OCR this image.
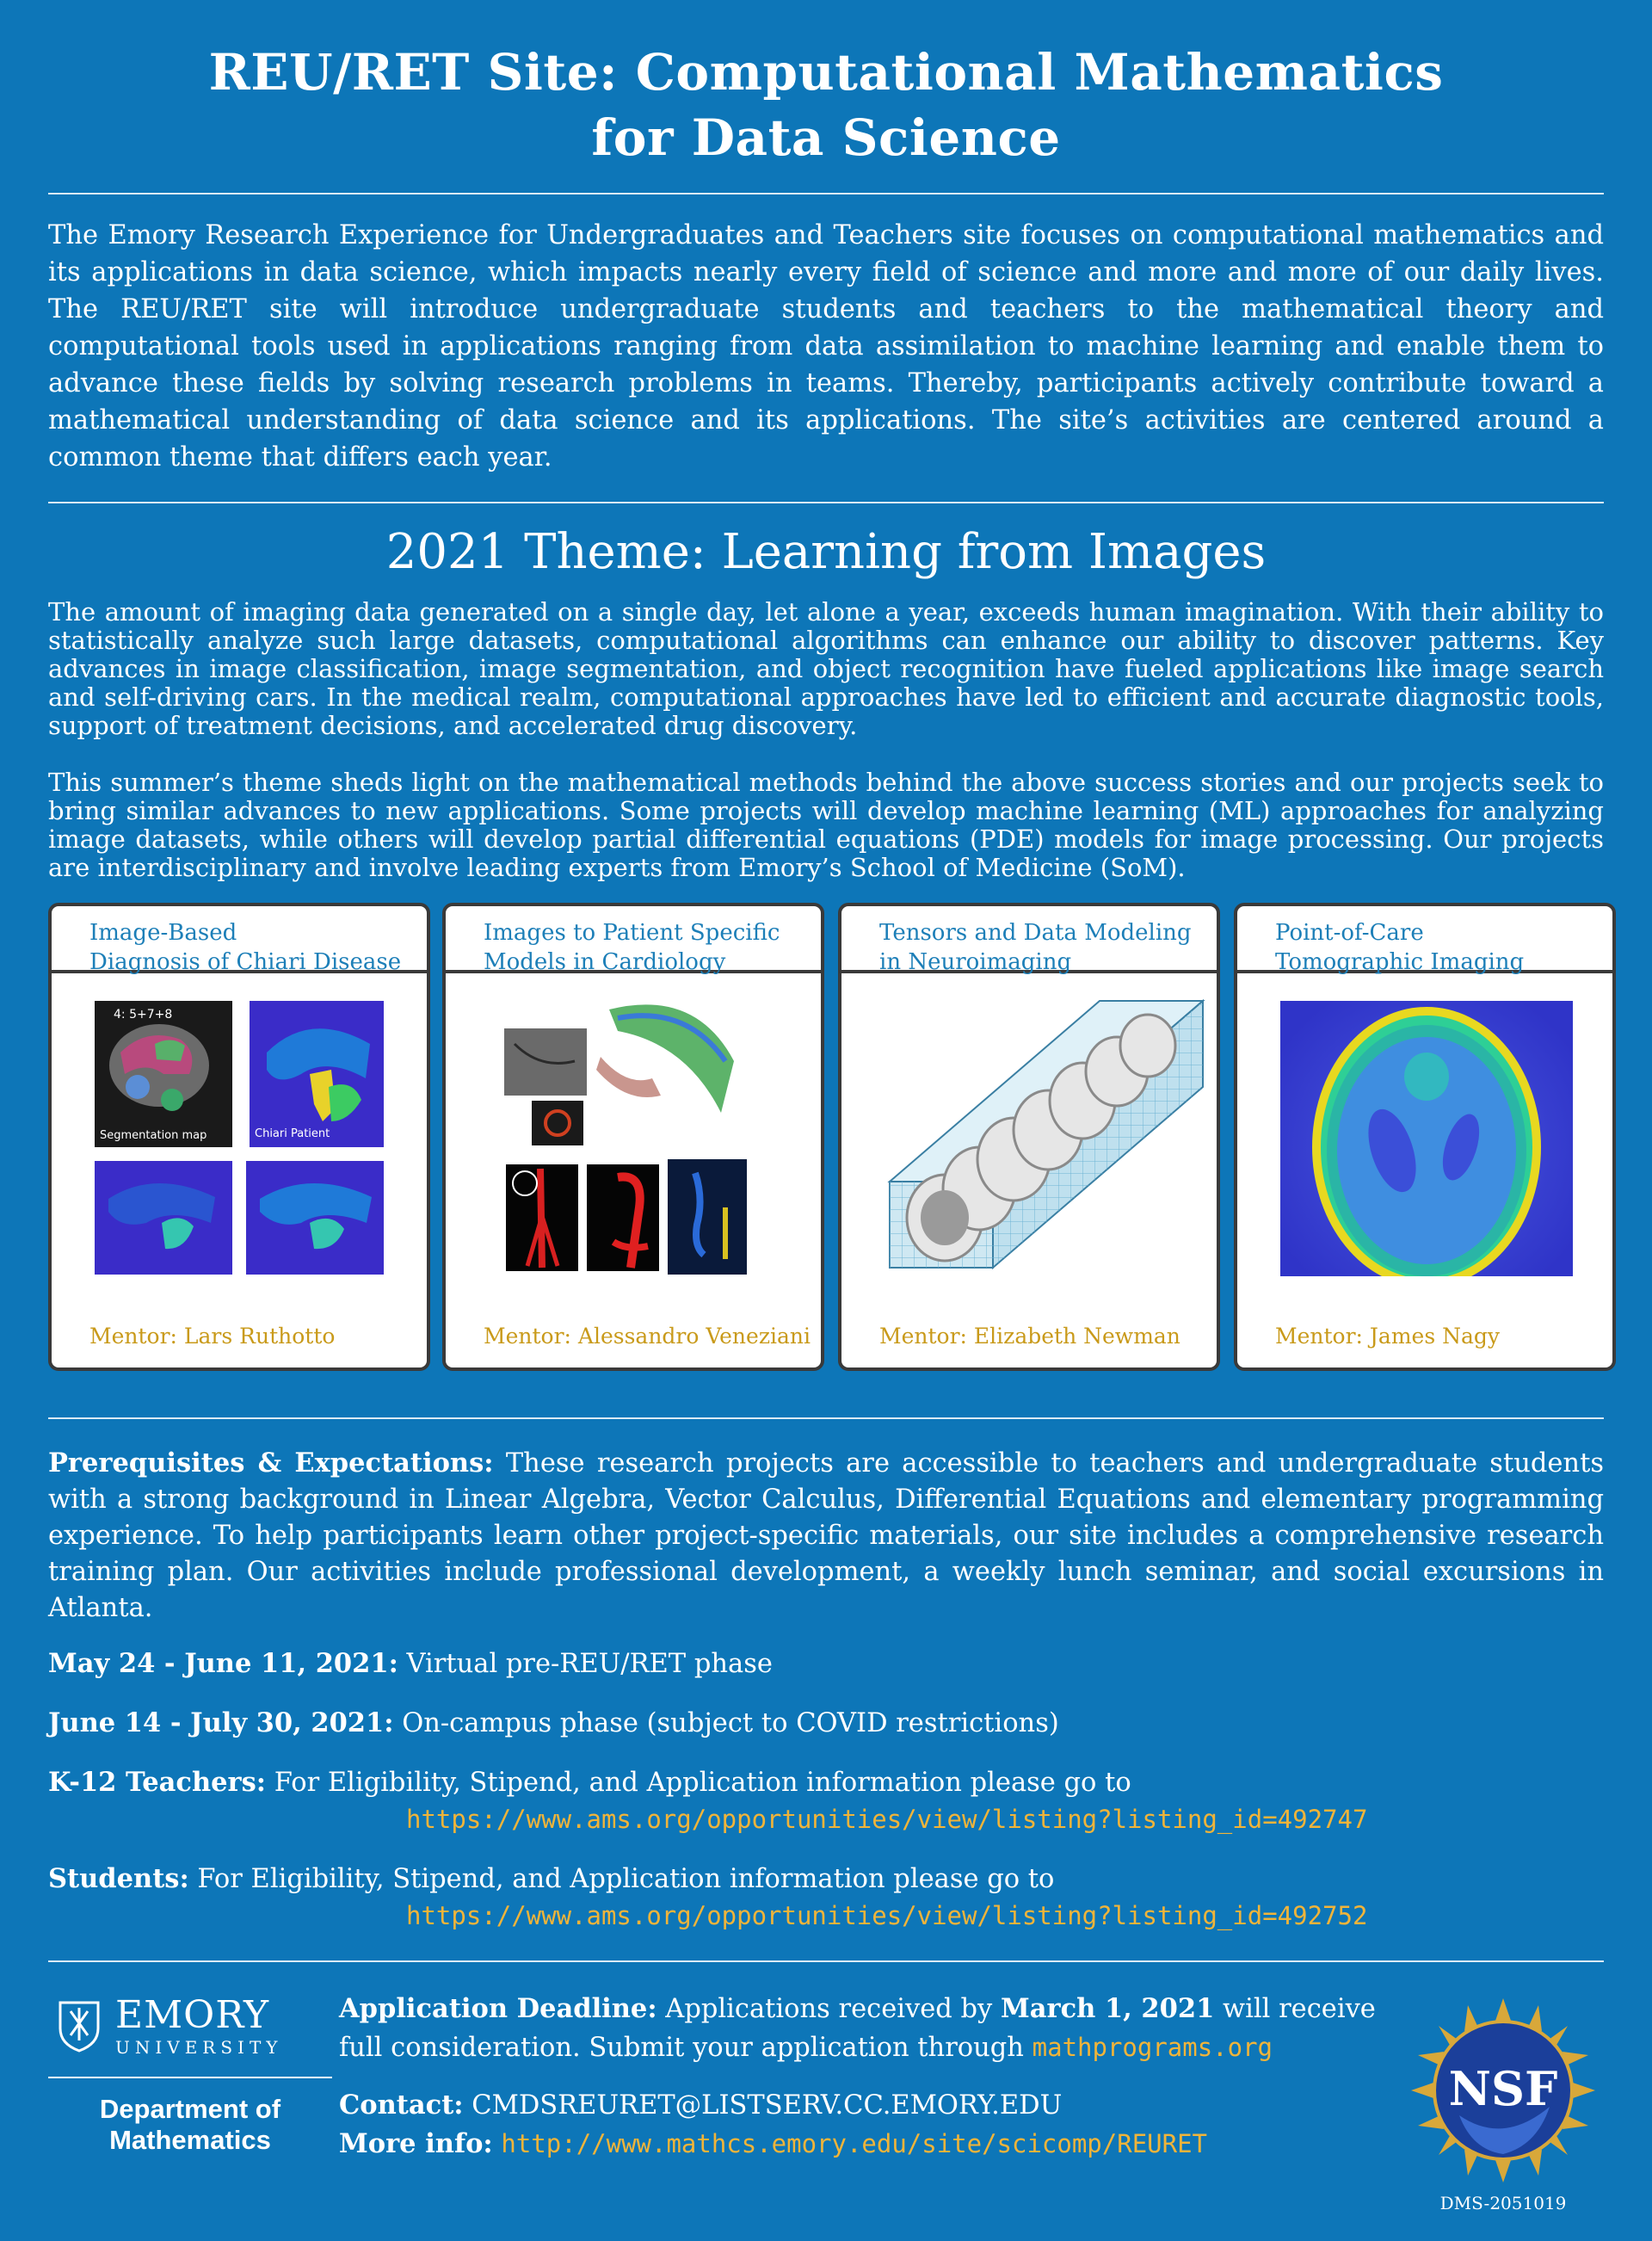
REU/RET Site: Computational Mathematics
for Data Science

The Emory Research Experience for Undergraduates and Teachers site focuses on computational mathematics and its applications in data science, which impacts nearly every field of science and more and more of our daily lives. The REU/RET site will introduce undergraduate students and teachers to the mathematical theory and computational tools used in applications ranging from data assimilation to machine learning and enable them to advance these fields by solving research problems in teams. Thereby, participants actively contribute toward a mathematical understanding of data science and its applications. The site’s activities are centered around a common theme that differs each year.

2021 Theme: Learning from Images

The amount of imaging data generated on a single day, let alone a year, exceeds human imagination. With their ability to statistically analyze such large datasets, computational algorithms can enhance our ability to discover patterns. Key advances in image classification, image segmentation, and object recognition have fueled applications like image search and self-driving cars. In the medical realm, computational approaches have led to efficient and accurate diagnostic tools, support of treatment decisions, and accelerated drug discovery.

This summer’s theme sheds light on the mathematical methods behind the above success stories and our projects seek to bring similar advances to new applications. Some projects will develop machine learning (ML) approaches for analyzing image datasets, while others will develop partial differential equations (PDE) models for image processing. Our projects are interdisciplinary and involve leading experts from Emory’s School of Medicine (SoM).

Image-Based
Diagnosis of Chiari Disease
4: 5+7+8
Segmentation map	Chiari Patient
Mentor: Lars Ruthotto
Images to Patient Specific
Models in Cardiology
Mentor: Alessandro Veneziani
Tensors and Data Modeling
in Neuroimaging
Mentor: Elizabeth Newman
Point-of-Care
Tomographic Imaging
Mentor: James Nagy
Prerequisites & Expectations: These research projects are accessible to teachers and undergraduate students with a strong background in Linear Algebra, Vector Calculus, Differential Equations and elementary programming experience. To help participants learn other project-specific materials, our site includes a comprehensive research training plan. Our activities include professional development, a weekly lunch seminar, and social excursions in Atlanta.
May 24 - June 11, 2021: Virtual pre-REU/RET phase
June 14 - July 30, 2021: On-campus phase (subject to COVID restrictions)
K-12 Teachers: For Eligibility, Stipend, and Application information please go to
https://www.ams.org/opportunities/view/listing?listing_id=492747
Students: For Eligibility, Stipend, and Application information please go to
https://www.ams.org/opportunities/view/listing?listing_id=492752
EMORY
UNIVERSITY
Department of
Mathematics
Application Deadline: Applications received by March 1, 2021 will receive full consideration. Submit your application through mathprograms.org
Contact: CMDSREURET@LISTSERV.CC.EMORY.EDU
More info: http://www.mathcs.emory.edu/site/scicomp/REURET
NSF
DMS-2051019
